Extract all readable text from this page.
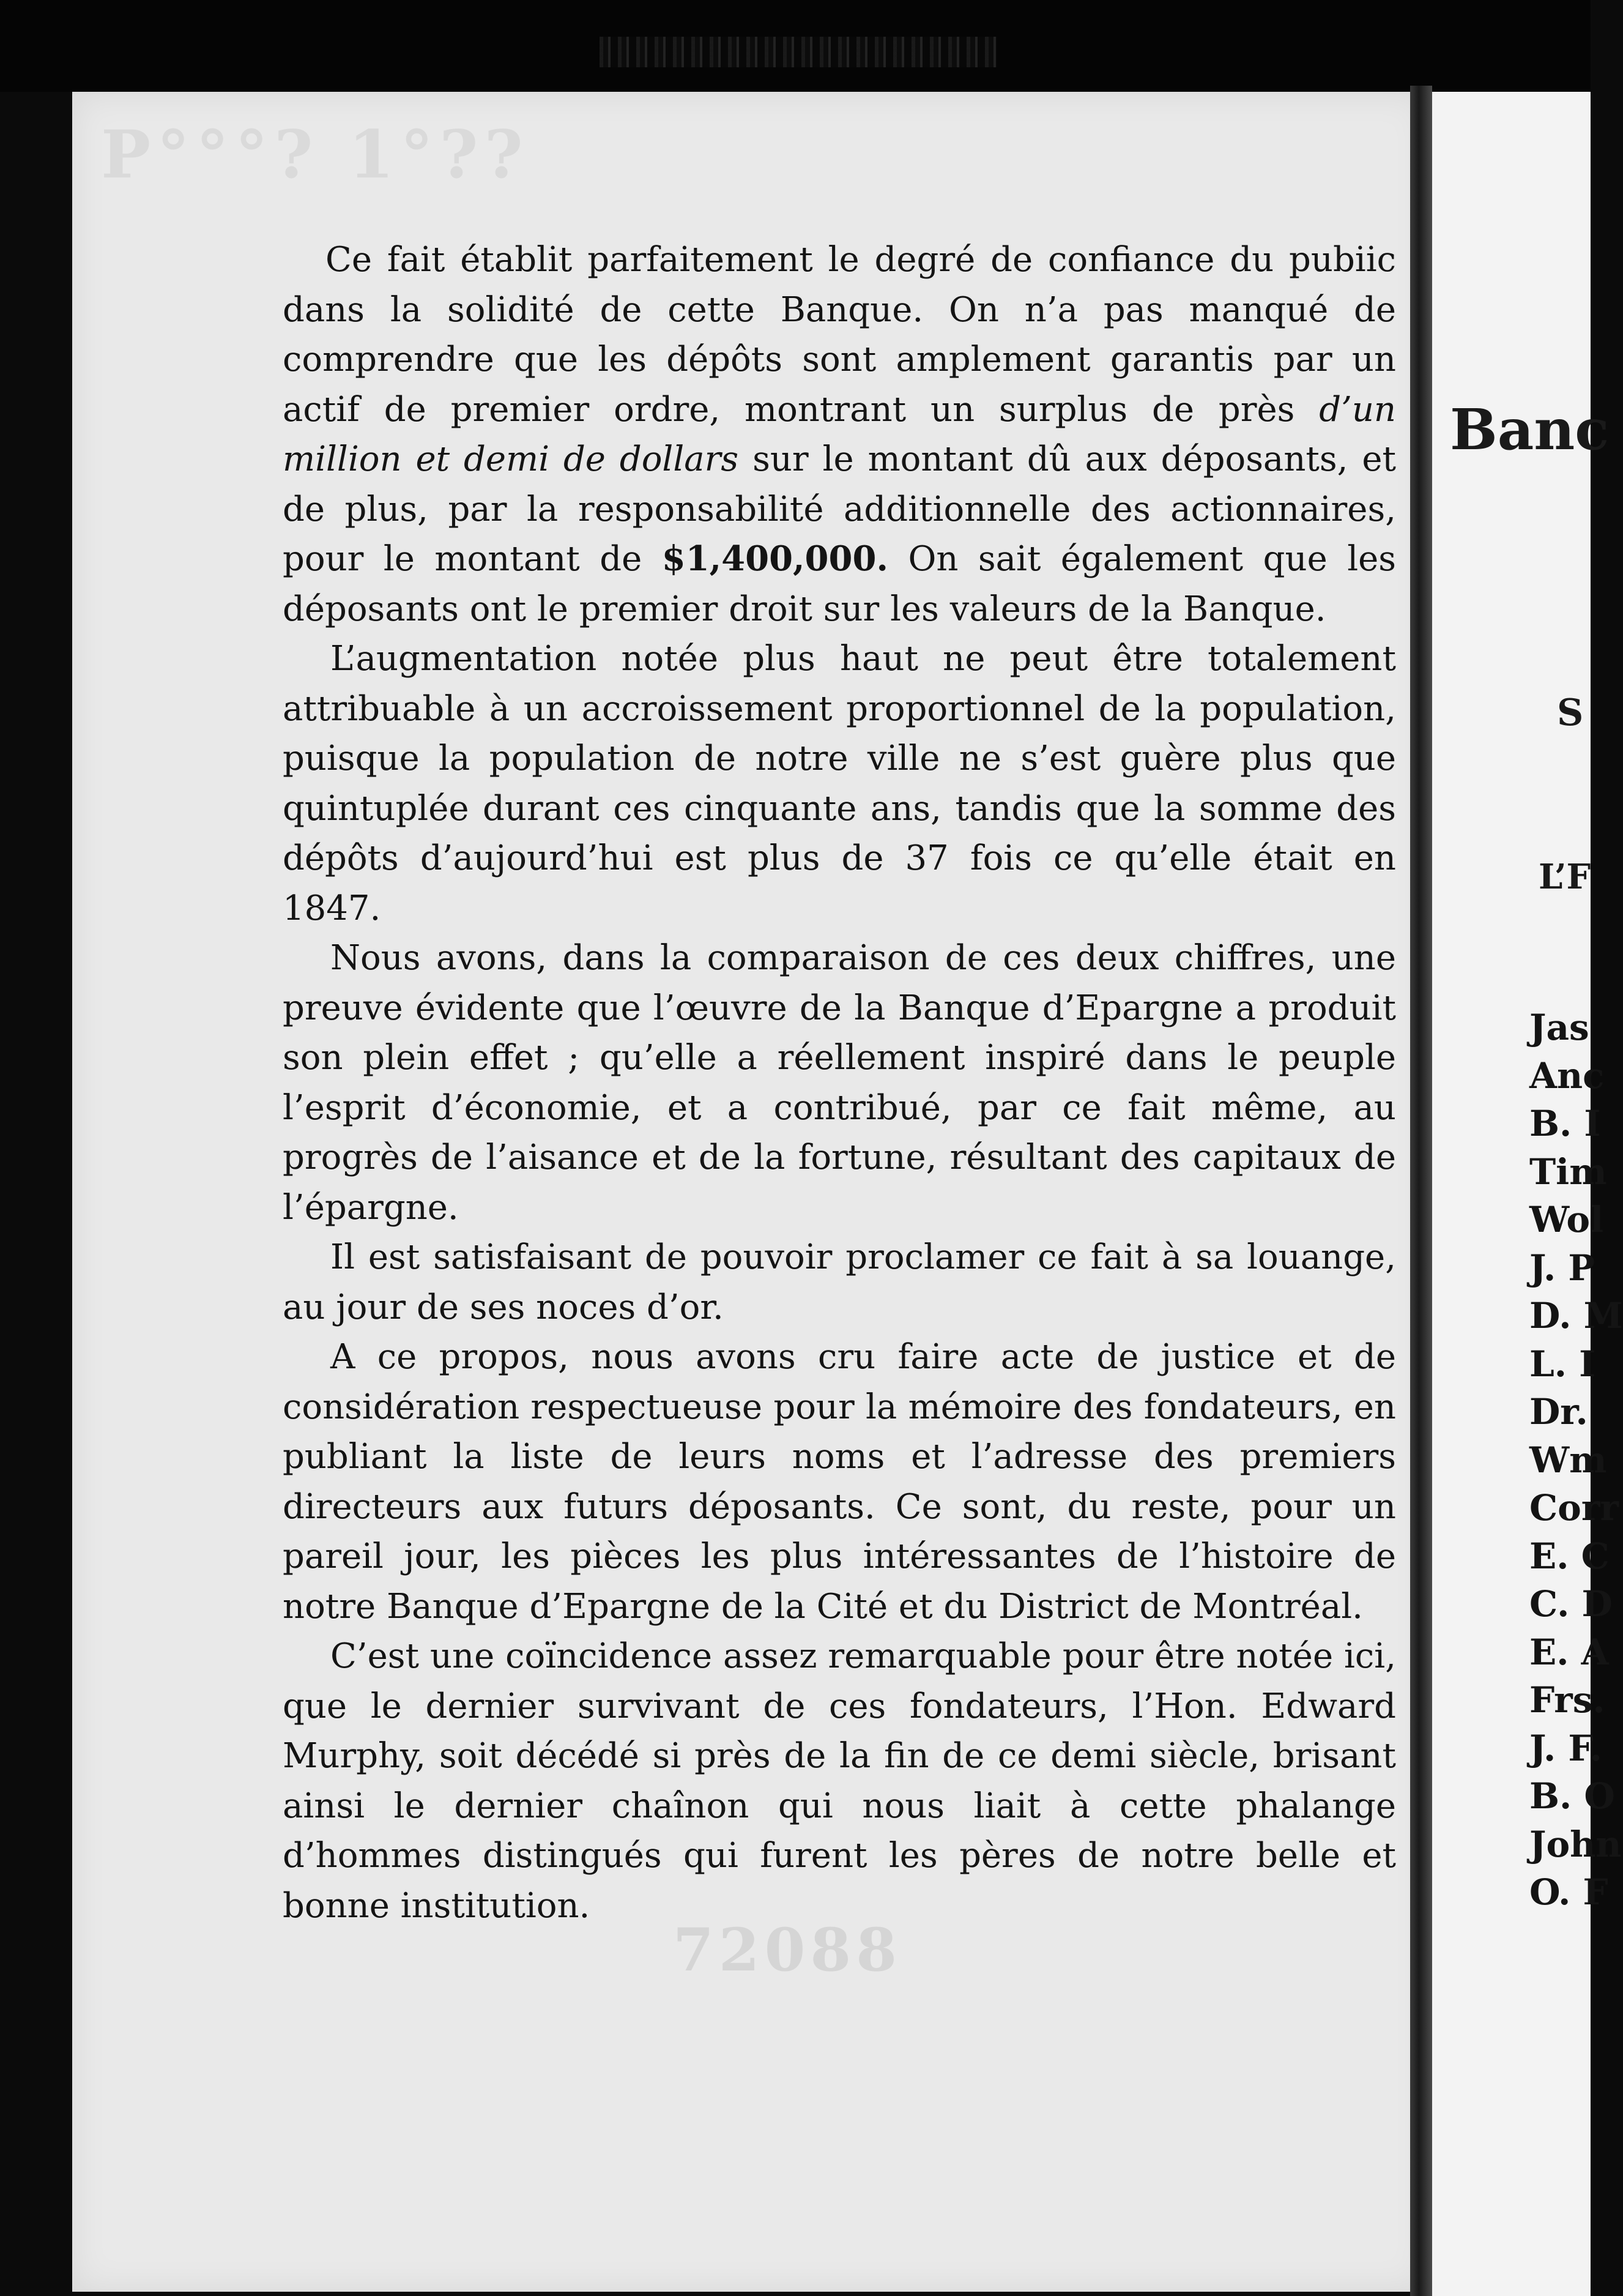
P°°°? 1°??
72088

Ce fait établit parfaitement le degré de confiance du pubiic dans la solidité de cette Banque. On n’a pas manqué de comprendre que les dépôts sont amplement garantis par un actif de premier ordre, montrant un surplus de près d’un million et demi de dollars sur le montant dû aux déposants, et de plus, par la responsabilité additionnelle des actionnaires, pour le montant de $1,400,000. On sait également que les déposants ont le premier droit sur les valeurs de la Banque.

L’augmentation notée plus haut ne peut être totalement attribuable à un accroissement proportionnel de la population, puisque la population de notre ville ne s’est guère plus que quintuplée durant ces cinquante ans, tandis que la somme des dépôts d’aujourd’hui est plus de 37 fois ce qu’elle était en 1847.

Nous avons, dans la comparaison de ces deux chiffres, une preuve évidente que l’œuvre de la Banque d’Epargne a produit son plein effet ; qu’elle a réellement inspiré dans le peuple l’esprit d’économie, et a contribué, par ce fait même, au progrès de l’aisance et de la fortune, résultant des capitaux de l’épargne.

Il est satisfaisant de pouvoir proclamer ce fait à sa louange, au jour de ses noces d’or.

A ce propos, nous avons cru faire acte de justice et de considération respectueuse pour la mémoire des fondateurs, en publiant la liste de leurs noms et l’adresse des premiers directeurs aux futurs déposants. Ce sont, du reste, pour un pareil jour, les pièces les plus intéressantes de l’histoire de notre Banque d’Epargne de la Cité et du District de Montréal.

C’est une coïncidence assez remarquable pour être notée ici, que le dernier survivant de ces fondateurs, l’Hon. Edward Murphy, soit décédé si près de la fin de ce demi siècle, brisant ainsi le dernier chaînon qui nous liait à cette phalange d’hommes distingués qui furent les pères de notre belle et bonne institution.

Banc
S
L’F
Jas
Anc
B. I
Tim
Wol
J. P
D. M
L. I
Dr.
Wm
Corr
E. C
C. D
E. A
Frs.
J. F.
B. O
John
O. F
